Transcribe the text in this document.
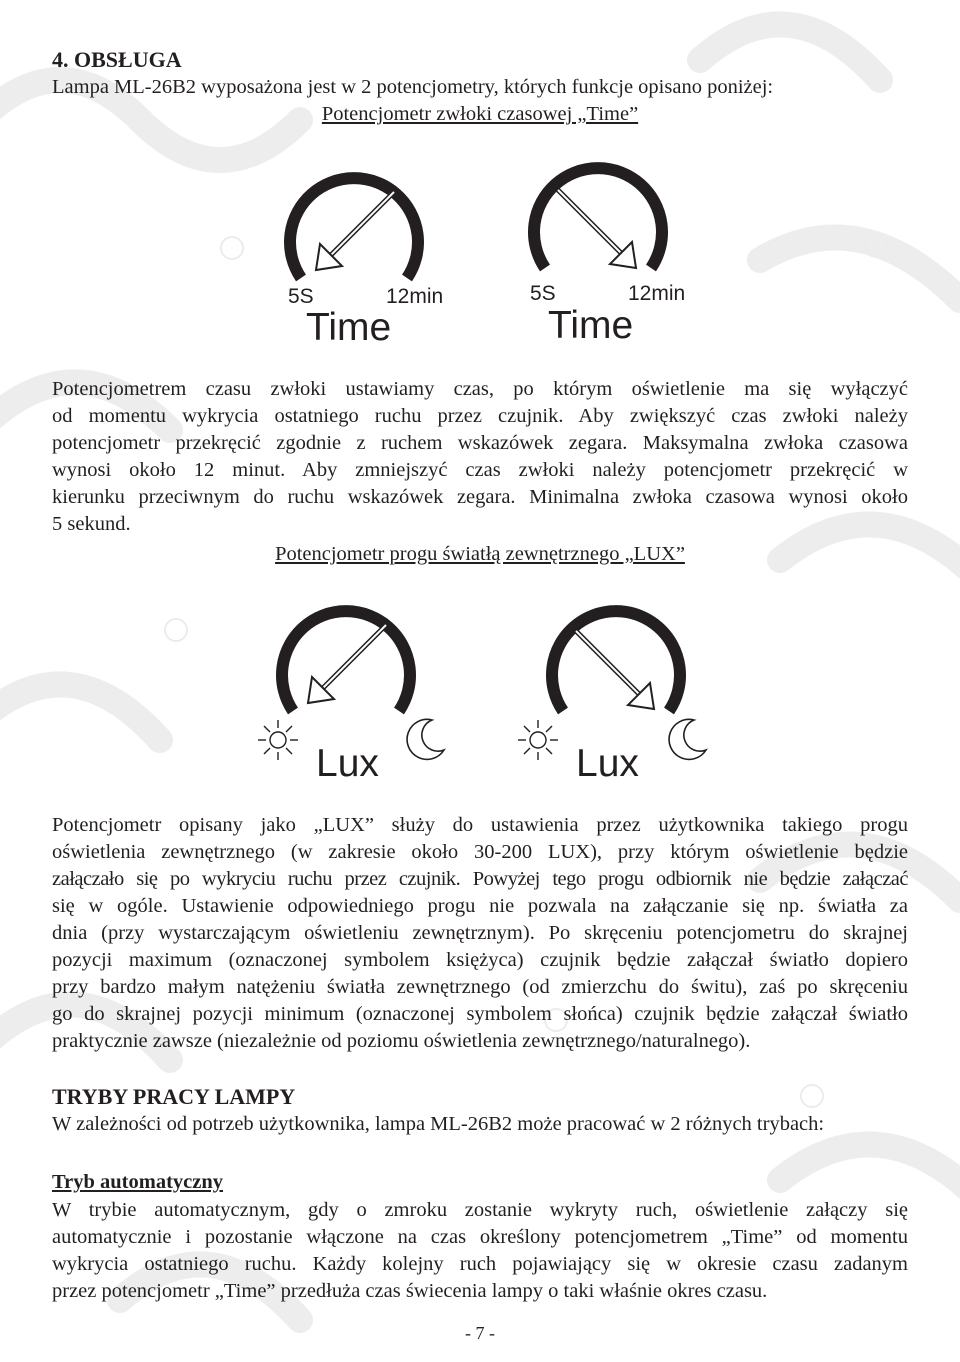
4. OBSŁUGA
Lampa ML-26B2 wyposażona jest w 2 potencjometry, których funkcje opisano poniżej:
Potencjometr zwłoki czasowej „Time”
5S	12min
Time
5S	12min
Time
Potencjometrem czasu zwłoki ustawiamy czas, po którym oświetlenie ma się wyłączyć
od momentu wykrycia ostatniego ruchu przez czujnik. Aby zwiększyć czas zwłoki należy
potencjometr przekręcić zgodnie z ruchem wskazówek zegara. Maksymalna zwłoka czasowa
wynosi około 12 minut. Aby zmniejszyć czas zwłoki należy potencjometr przekręcić w
kierunku przeciwnym do ruchu wskazówek zegara. Minimalna zwłoka czasowa wynosi około
5 sekund.
Potencjometr progu światłą zewnętrznego „LUX”
Lux	Lux
Potencjometr opisany jako „LUX” służy do ustawienia przez użytkownika takiego progu
oświetlenia zewnętrznego (w zakresie około 30-200 LUX), przy którym oświetlenie będzie
załączało się po wykryciu ruchu przez czujnik. Powyżej tego progu odbiornik nie będzie załączać
się w ogóle. Ustawienie odpowiedniego progu nie pozwala na załączanie się np. światła za
dnia (przy wystarczającym oświetleniu zewnętrznym). Po skręceniu potencjometru do skrajnej
pozycji maximum (oznaczonej symbolem księżyca) czujnik będzie załączał światło dopiero
przy bardzo małym natężeniu światła zewnętrznego (od zmierzchu do świtu), zaś po skręceniu
go do skrajnej pozycji minimum (oznaczonej symbolem słońca) czujnik będzie załączał światło
praktycznie zawsze (niezależnie od poziomu oświetlenia zewnętrznego/naturalnego).
TRYBY PRACY LAMPY
W zależności od potrzeb użytkownika, lampa ML-26B2 może pracować w 2 różnych trybach:
Tryb automatyczny
W trybie automatycznym, gdy o zmroku zostanie wykryty ruch, oświetlenie załączy się
automatycznie i pozostanie włączone na czas określony potencjometrem „Time” od momentu
wykrycia ostatniego ruchu. Każdy kolejny ruch pojawiający się w okresie czasu zadanym
przez potencjometr „Time” przedłuża czas świecenia lampy o taki właśnie okres czasu.
- 7 -
